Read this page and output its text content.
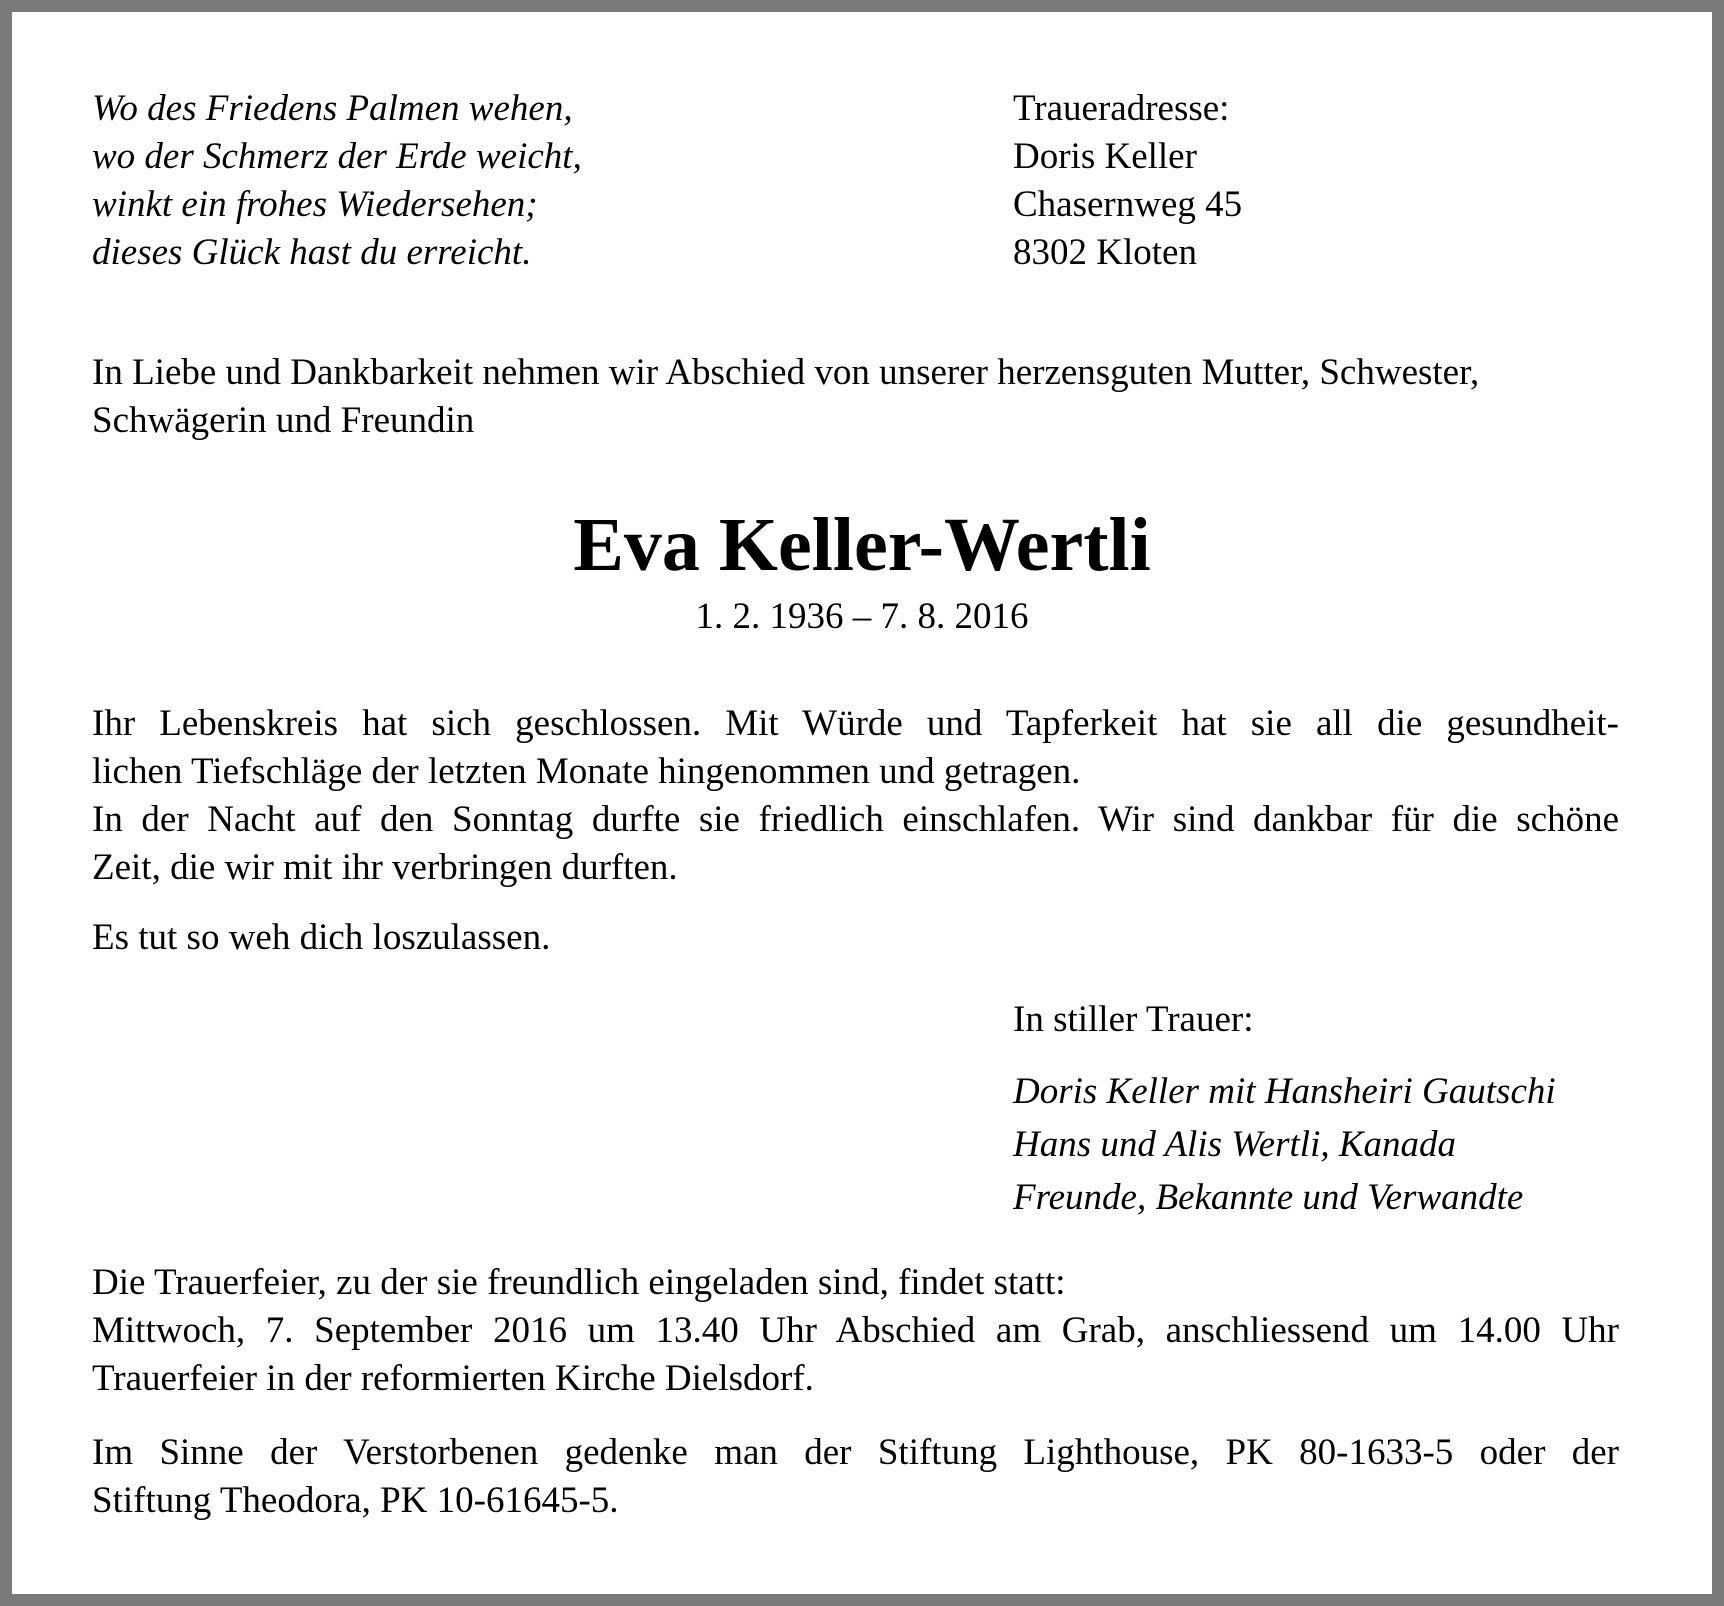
Wo des Friedens Palmen wehen,
wo der Schmerz der Erde weicht,
winkt ein frohes Wiedersehen;
dieses Glück hast du erreicht.
Traueradresse:
Doris Keller
Chasernweg 45
8302 Kloten
In Liebe und Dankbarkeit nehmen wir Abschied von unserer herzensguten Mutter, Schwester,
Schwägerin und Freundin
Eva Keller-Wertli
1. 2. 1936 – 7. 8. 2016
Ihr Lebenskreis hat sich geschlossen. Mit Würde und Tapferkeit hat sie all die gesundheit-
lichen Tiefschläge der letzten Monate hingenommen und getragen.
In der Nacht auf den Sonntag durfte sie friedlich einschlafen. Wir sind dankbar für die schöne
Zeit, die wir mit ihr verbringen durften.
Es tut so weh dich loszulassen.
In stiller Trauer:
Doris Keller mit Hansheiri Gautschi
Hans und Alis Wertli, Kanada
Freunde, Bekannte und Verwandte
Die Trauerfeier, zu der sie freundlich eingeladen sind, findet statt:
Mittwoch, 7. September 2016 um 13.40 Uhr Abschied am Grab, anschliessend um 14.00 Uhr
Trauerfeier in der reformierten Kirche Dielsdorf.
Im Sinne der Verstorbenen gedenke man der Stiftung Lighthouse, PK 80-1633-5 oder der
Stiftung Theodora, PK 10-61645-5.
